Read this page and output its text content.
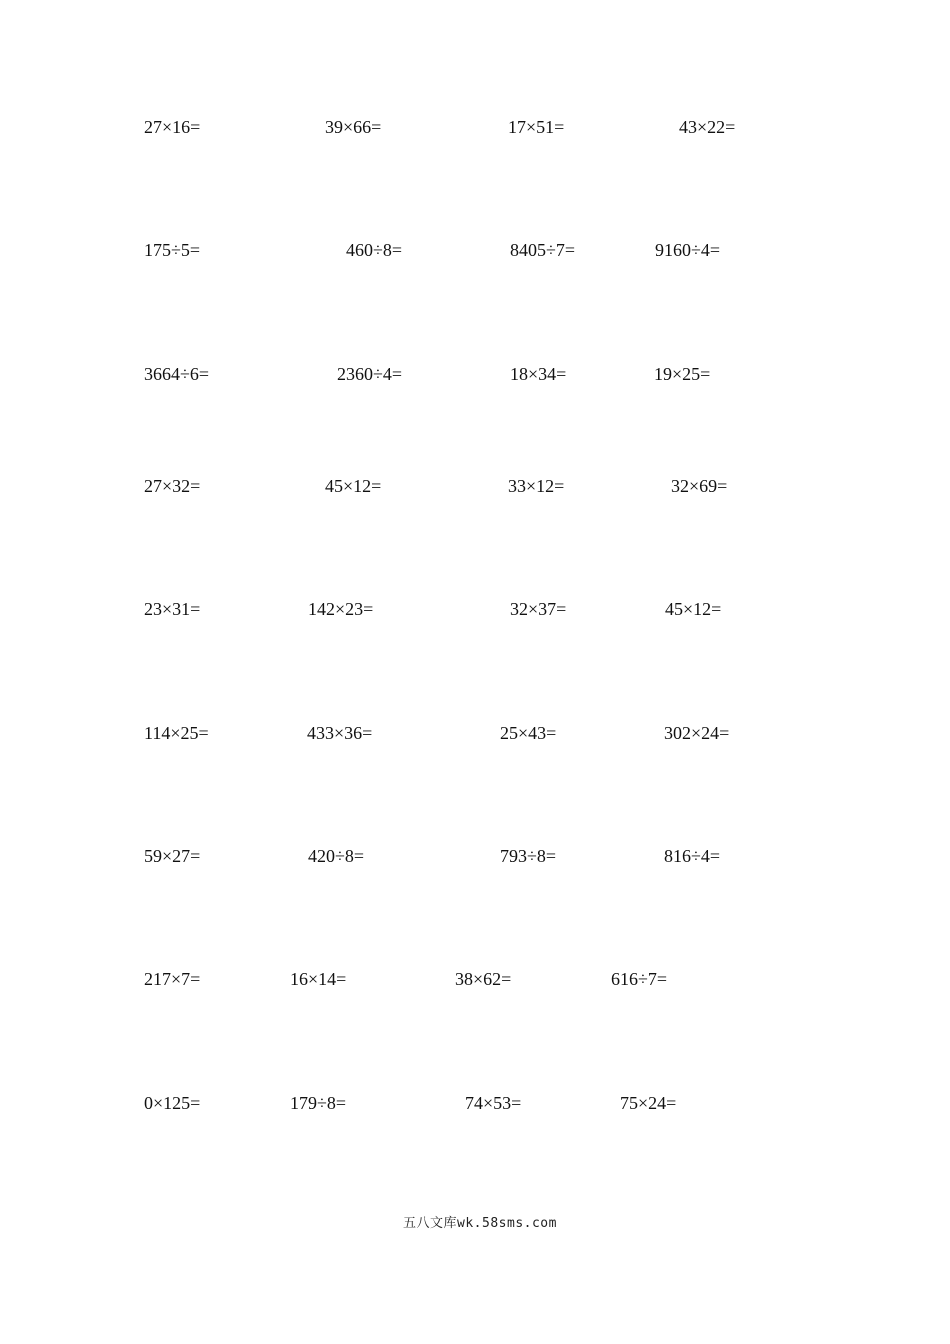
27×16=	39×66=	17×51=	43×22=
175÷5=	460÷8=	8405÷7=	9160÷4=
3664÷6=	2360÷4=	18×34=	19×25=
27×32=	45×12=	33×12=	32×69=
23×31=	142×23=	32×37=	45×12=
114×25=	433×36=	25×43=	302×24=
59×27=	420÷8=	793÷8=	816÷4=
217×7=	16×14=	38×62=	616÷7=
0×125=	179÷8=	74×53=	75×24=
五八文库wk.58sms.com
